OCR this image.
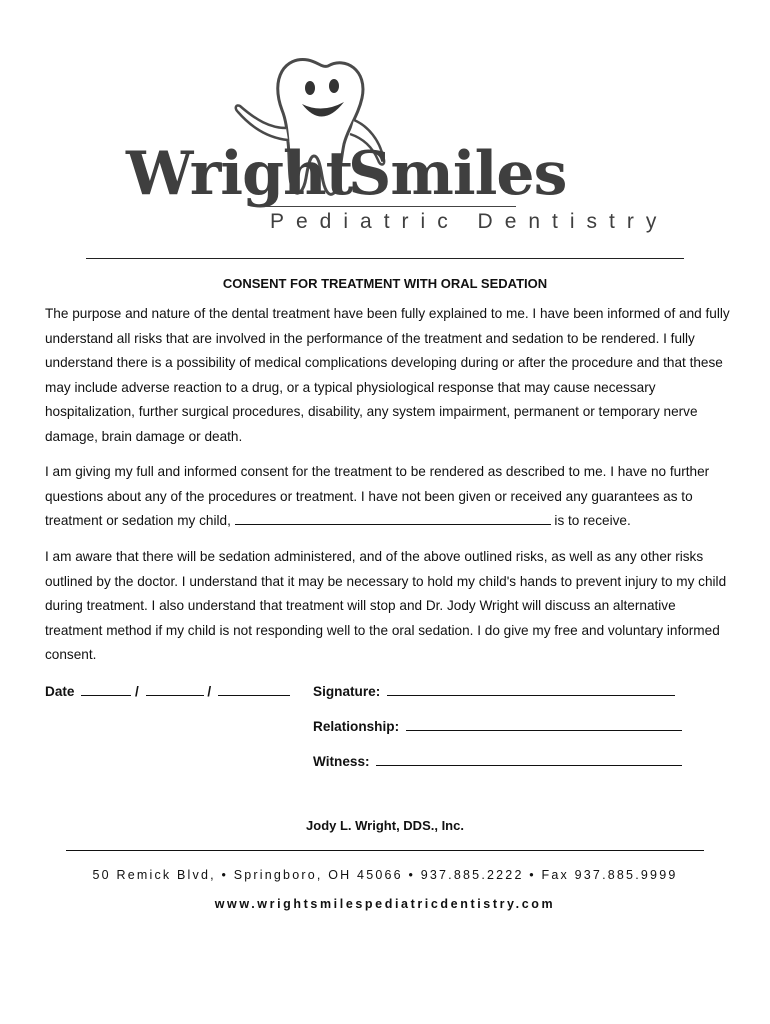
Wright
Smiles
Pediatric Dentistry
CONSENT FOR TREATMENT WITH ORAL SEDATION

The purpose and nature of the dental treatment have been fully explained to me. I have been informed of and fully understand all risks that are involved in the performance of the treatment and sedation to be rendered. I fully understand there is a possibility of medical complications developing during or after the procedure and that these may include adverse reaction to a drug, or a typical physiological response that may cause necessary hospitalization, further surgical procedures, disability, any system impairment, permanent or temporary nerve damage, brain damage or death.

I am giving my full and informed consent for the treatment to be rendered as described to me. I have no further questions about any of the procedures or treatment. I have not been given or received any guarantees as to treatment or sedation my child,	is to receive.

I am aware that there will be sedation administered, and of the above outlined risks, as well as any other risks outlined by the doctor. I understand that it may be necessary to hold my child's hands to prevent injury to my child during treatment. I also understand that treatment will stop and Dr. Jody Wright will discuss an alternative treatment method if my child is not responding well to the oral sedation. I do give my free and voluntary informed consent.

Date	/	/	Signature:
Relationship:
Witness:
Jody L. Wright, DDS., Inc.
50 Remick Blvd, • Springboro, OH 45066 • 937.885.2222 • Fax 937.885.9999
www.wrightsmilespediatricdentistry.com
